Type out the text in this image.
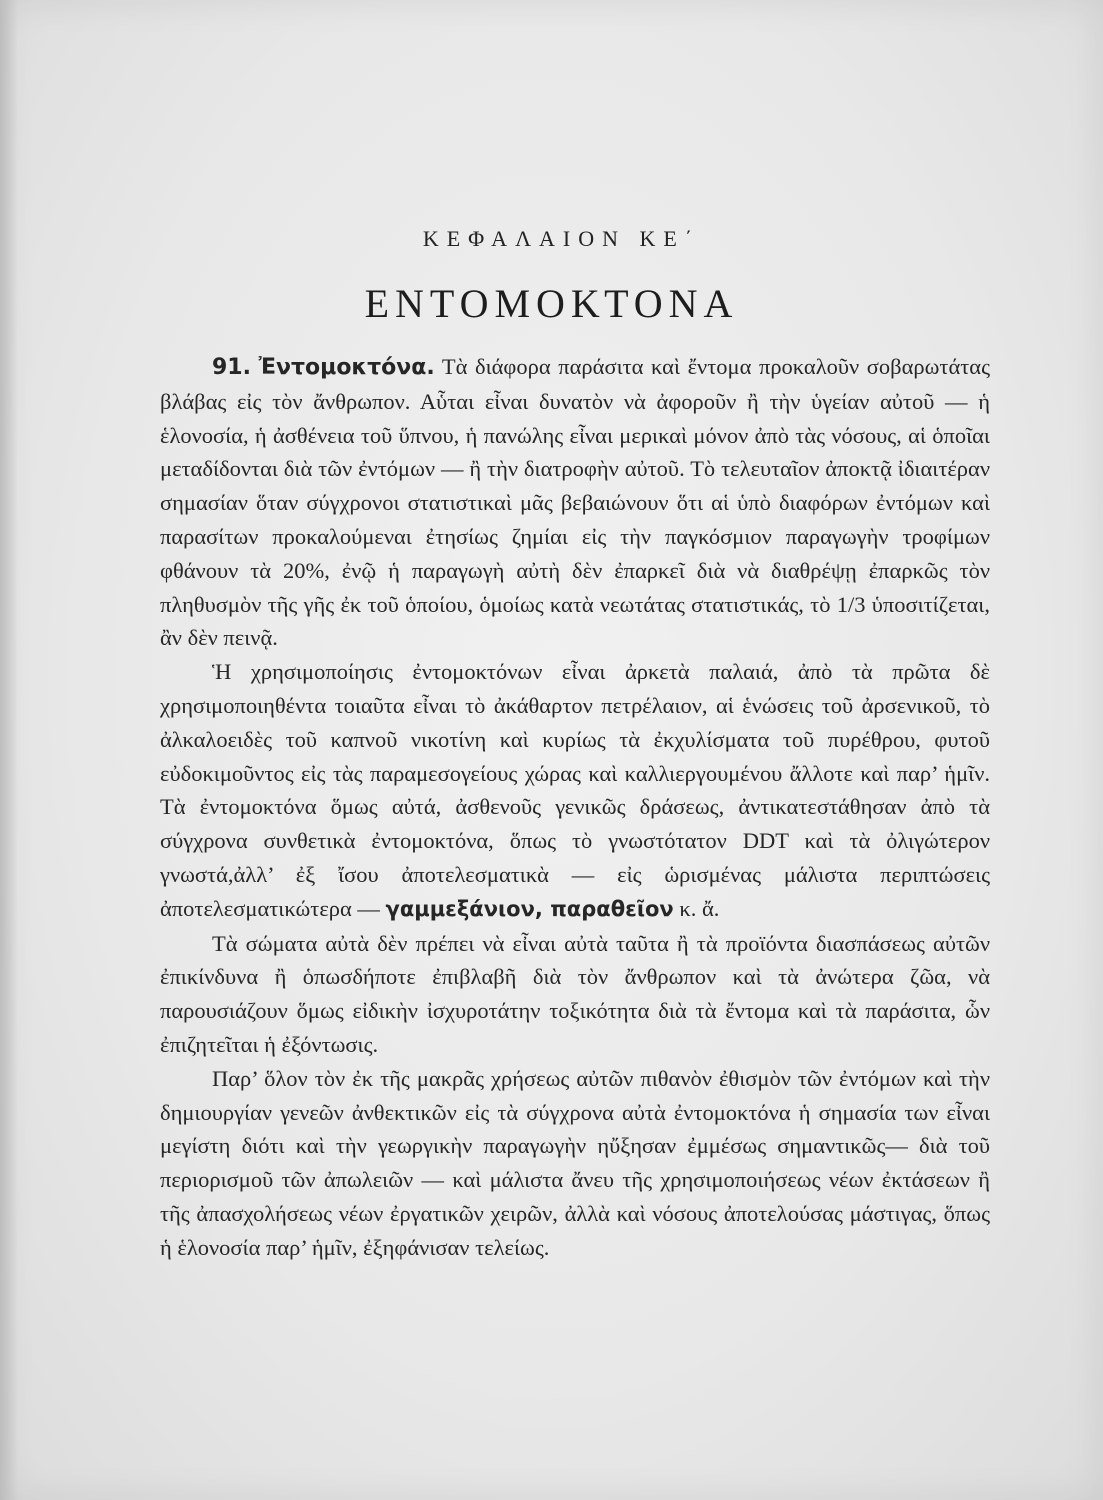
ΚΕΦΑΛΑΙΟΝ ΚΕ΄
ΕΝΤΟΜΟΚΤΟΝΑ

91. Ἐντομοκτόνα. Τὰ διάφορα παράσιτα καὶ ἔντομα προκαλοῦν σοβαρωτάτας βλάβας εἰς τὸν ἄνθρωπον. Αὗται εἶναι δυνατὸν νὰ ἀφοροῦν ἢ τὴν ὑγείαν αὐτοῦ — ἡ ἑλονοσία, ἡ ἀσθένεια τοῦ ὕπνου, ἡ πανώλης εἶναι μερικαὶ μόνον ἀπὸ τὰς νόσους, αἱ ὁποῖαι μεταδίδονται διὰ τῶν ἐντόμων — ἢ τὴν διατροφὴν αὐτοῦ. Τὸ τελευταῖον ἀποκτᾷ ἰδιαιτέραν σημασίαν ὅταν σύγχρονοι στατιστικαὶ μᾶς βεβαιώνουν ὅτι αἱ ὑπὸ διαφόρων ἐντόμων καὶ παρασίτων προκαλούμεναι ἐτησίως ζημίαι εἰς τὴν παγκόσμιον παραγωγὴν τροφίμων φθάνουν τὰ 20%, ἐνῷ ἡ παραγωγὴ αὐτὴ δὲν ἐπαρκεῖ διὰ νὰ διαθρέψῃ ἐπαρκῶς τὸν πληθυσμὸν τῆς γῆς ἐκ τοῦ ὁποίου, ὁμοίως κατὰ νεωτάτας στατιστικάς, τὸ 1/3 ὑποσιτίζεται, ἂν δὲν πεινᾷ.

Ἡ χρησιμοποίησις ἐντομοκτόνων εἶναι ἀρκετὰ παλαιά, ἀπὸ τὰ πρῶτα δὲ χρησιμοποιηθέντα τοιαῦτα εἶναι τὸ ἀκάθαρτον πετρέλαιον, αἱ ἑνώσεις τοῦ ἀρσενικοῦ, τὸ ἀλκαλοειδὲς τοῦ καπνοῦ νικοτίνη καὶ κυρίως τὰ ἐκχυλίσματα τοῦ πυρέθρου, φυτοῦ εὐδοκιμοῦντος εἰς τὰς παραμεσογείους χώρας καὶ καλλιεργουμένου ἄλλοτε καὶ παρ’ ἡμῖν. Τὰ ἐντομοκτόνα ὅμως αὐτά, ἀσθενοῦς γενικῶς δράσεως, ἀντικατεστάθησαν ἀπὸ τὰ σύγχρονα συνθετικὰ ἐντομοκτόνα, ὅπως τὸ γνωστότατον DDT καὶ τὰ ὀλιγώτερον γνωστά,ἀλλ’ ἐξ ἴσου ἀποτελεσματικὰ — εἰς ὡρισμένας μάλιστα περιπτώσεις ἀποτελεσματικώτερα — γαμμεξάνιον, παραθεῖον κ. ἄ.

Τὰ σώματα αὐτὰ δὲν πρέπει νὰ εἶναι αὐτὰ ταῦτα ἢ τὰ προϊόντα διασπάσεως αὐτῶν ἐπικίνδυνα ἢ ὁπωσδήποτε ἐπιβλαβῆ διὰ τὸν ἄνθρωπον καὶ τὰ ἀνώτερα ζῶα, νὰ παρουσιάζουν ὅμως εἰδικὴν ἰσχυροτάτην τοξικότητα διὰ τὰ ἔντομα καὶ τὰ παράσιτα, ὧν ἐπιζητεῖται ἡ ἐξόντωσις.

Παρ’ ὅλον τὸν ἐκ τῆς μακρᾶς χρήσεως αὐτῶν πιθανὸν ἐθισμὸν τῶν ἐντόμων καὶ τὴν δημιουργίαν γενεῶν ἀνθεκτικῶν εἰς τὰ σύγχρονα αὐτὰ ἐντομοκτόνα ἡ σημασία των εἶναι μεγίστη διότι καὶ τὴν γεωργικὴν παραγωγὴν ηὔξησαν ἐμμέσως σημαντικῶς— διὰ τοῦ περιορισμοῦ τῶν ἀπωλειῶν — καὶ μάλιστα ἄνευ τῆς χρησιμοποιήσεως νέων ἐκτάσεων ἢ τῆς ἀπασχολήσεως νέων ἐργατικῶν χειρῶν, ἀλλὰ καὶ νόσους ἀποτελούσας μάστιγας, ὅπως ἡ ἑλονοσία παρ’ ἡμῖν, ἐξηφάνισαν τελείως.
